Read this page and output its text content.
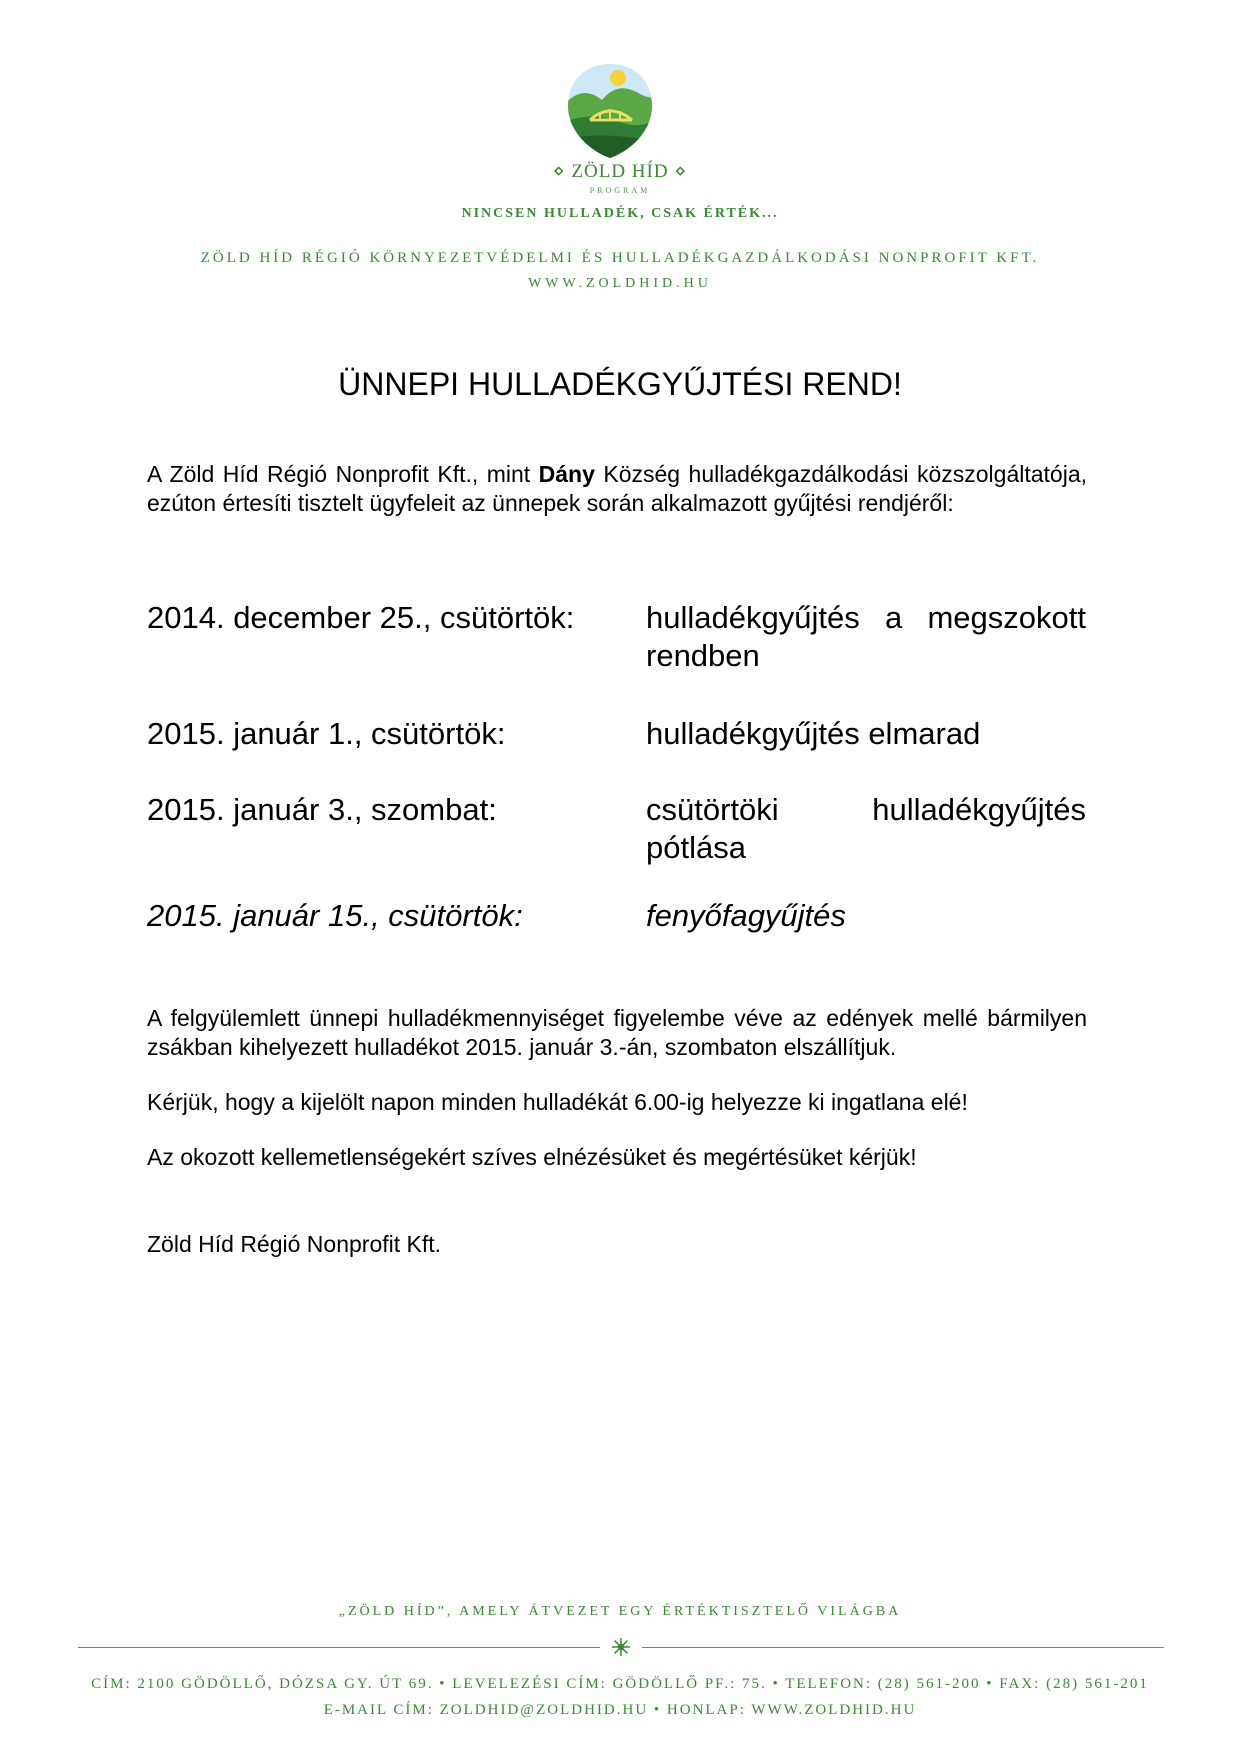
⋄ ZÖLD HÍD ⋄
PROGRAM
NINCSEN HULLADÉK, CSAK ÉRTÉK...
ZÖLD HÍD RÉGIÓ KÖRNYEZETVÉDELMI ÉS HULLADÉKGAZDÁLKODÁSI NONPROFIT KFT.
WWW.ZOLDHID.HU
ÜNNEPI HULLADÉKGYŰJTÉSI REND!
A Zöld Híd Régió Nonprofit Kft., mint Dány Község hulladékgazdálkodási közszolgáltatója, ezúton értesíti tisztelt ügyfeleit az ünnepek során alkalmazott gyűjtési rendjéről:
2014. december 25., csütörtök: hulladékgyűjtés a megszokott
rendben
2015. január 1., csütörtök:	hulladékgyűjtés elmarad
2015. január 3., szombat:	csütörtöki hulladékgyűjtés
pótlása
2015. január 15., csütörtök:	fenyőfagyűjtés
A felgyülemlett ünnepi hulladékmennyiséget figyelembe véve az edények mellé bármilyen zsákban kihelyezett hulladékot 2015. január 3.-án, szombaton elszállítjuk.
Kérjük, hogy a kijelölt napon minden hulladékát 6.00-ig helyezze ki ingatlana elé!
Az okozott kellemetlenségekért szíves elnézésüket és megértésüket kérjük!
Zöld Híd Régió Nonprofit Kft.
„ZÖLD HÍD”, AMELY ÁTVEZET EGY ÉRTÉKTISZTELŐ VILÁGBA
CÍM: 2100 GÖDÖLLŐ, DÓZSA GY. ÚT 69. • LEVELEZÉSI CÍM: GÖDÖLLŐ PF.: 75. • TELEFON: (28) 561-200 • FAX: (28) 561-201
E-MAIL CÍM: ZOLDHID@ZOLDHID.HU • HONLAP: WWW.ZOLDHID.HU
